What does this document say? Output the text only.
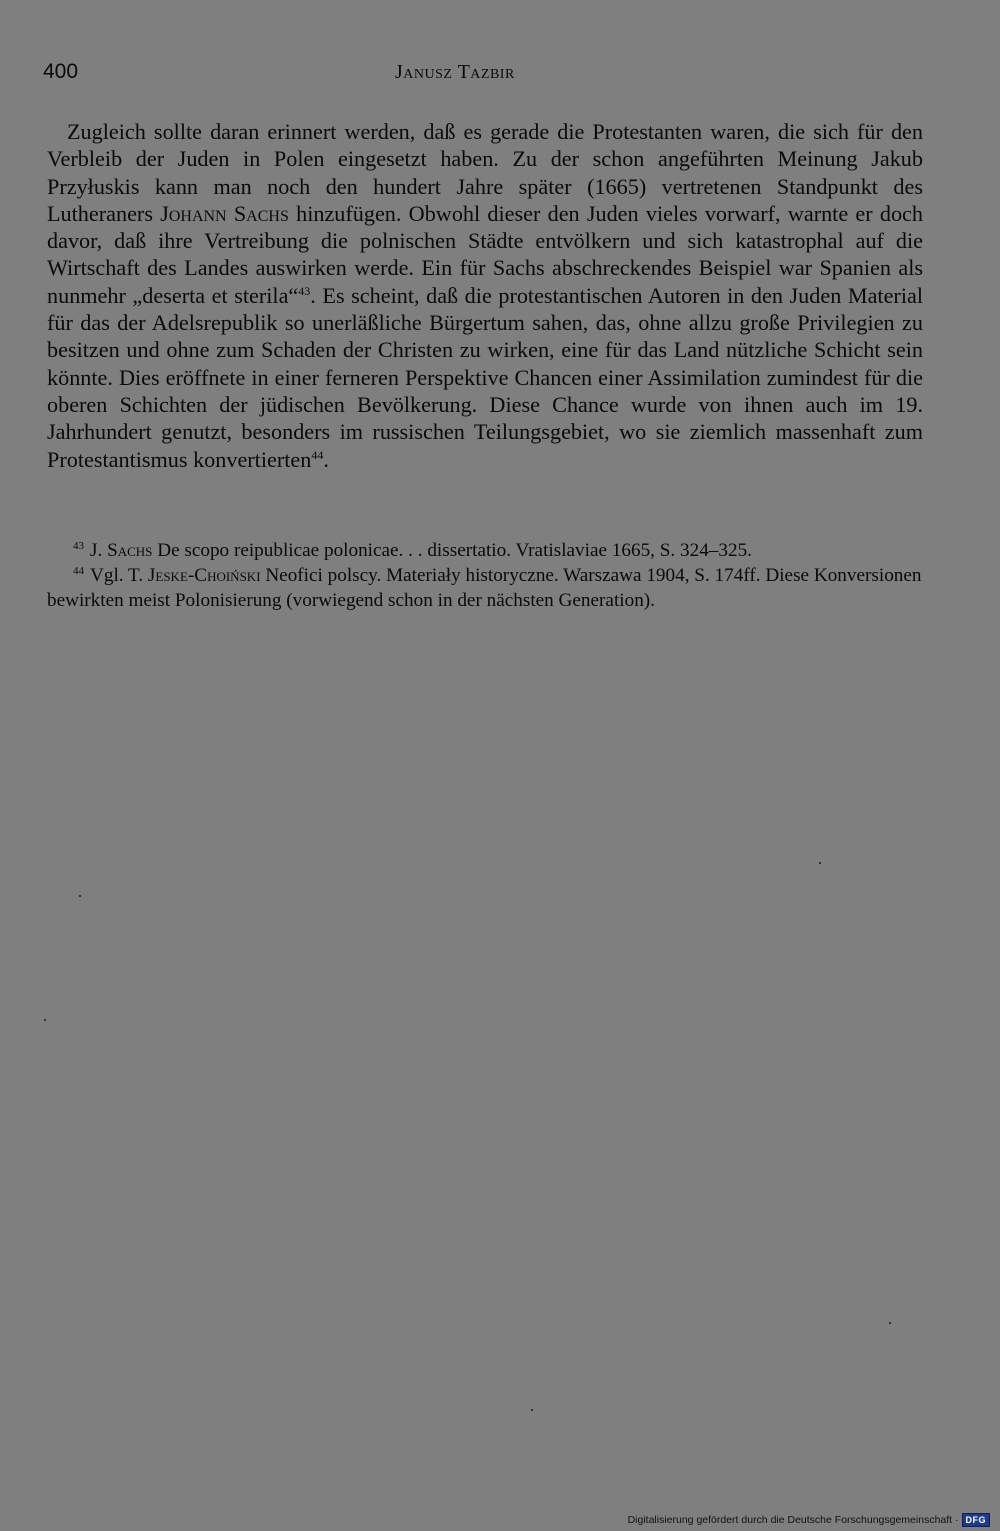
400	Janusz Tazbir

Zugleich sollte daran erinnert werden, daß es gerade die Protestanten waren, die sich für den Verbleib der Juden in Polen eingesetzt haben. Zu der schon angeführten Meinung Jakub Przyłuskis kann man noch den hundert Jahre später (1665) vertretenen Standpunkt des Lutheraners Johann Sachs hinzufügen. Obwohl dieser den Juden vieles vorwarf, warnte er doch davor, daß ihre Vertreibung die polnischen Städte entvölkern und sich katastrophal auf die Wirtschaft des Landes auswirken werde. Ein für Sachs abschreckendes Beispiel war Spanien als nunmehr „deserta et sterila“$^{43}$. Es scheint, daß die protestantischen Autoren in den Juden Material für das der Adelsrepublik so unerläßliche Bürgertum sahen, das, ohne allzu große Privilegien zu besitzen und ohne zum Schaden der Christen zu wirken, eine für das Land nützliche Schicht sein könnte. Dies eröffnete in einer ferneren Perspektive Chancen einer Assimilation zumindest für die oberen Schichten der jüdischen Bevölkerung. Diese Chance wurde von ihnen auch im 19. Jahrhundert genutzt, besonders im russischen Teilungsgebiet, wo sie ziemlich massenhaft zum Protestantismus konvertierten$^{44}$.

$^{43}$ J. Sachs De scopo reipublicae polonicae. . . dissertatio. Vratislaviae 1665, S. 324–325.

$^{44}$ Vgl. T. Jeske-Choiński Neofici polscy. Materiały historyczne. Warszawa 1904, S. 174ff. Diese Konversionen bewirkten meist Polonisierung (vorwiegend schon in der nächsten Generation).

Digitalisierung gefördert durch die Deutsche Forschungsgemeinschaft · DFG
